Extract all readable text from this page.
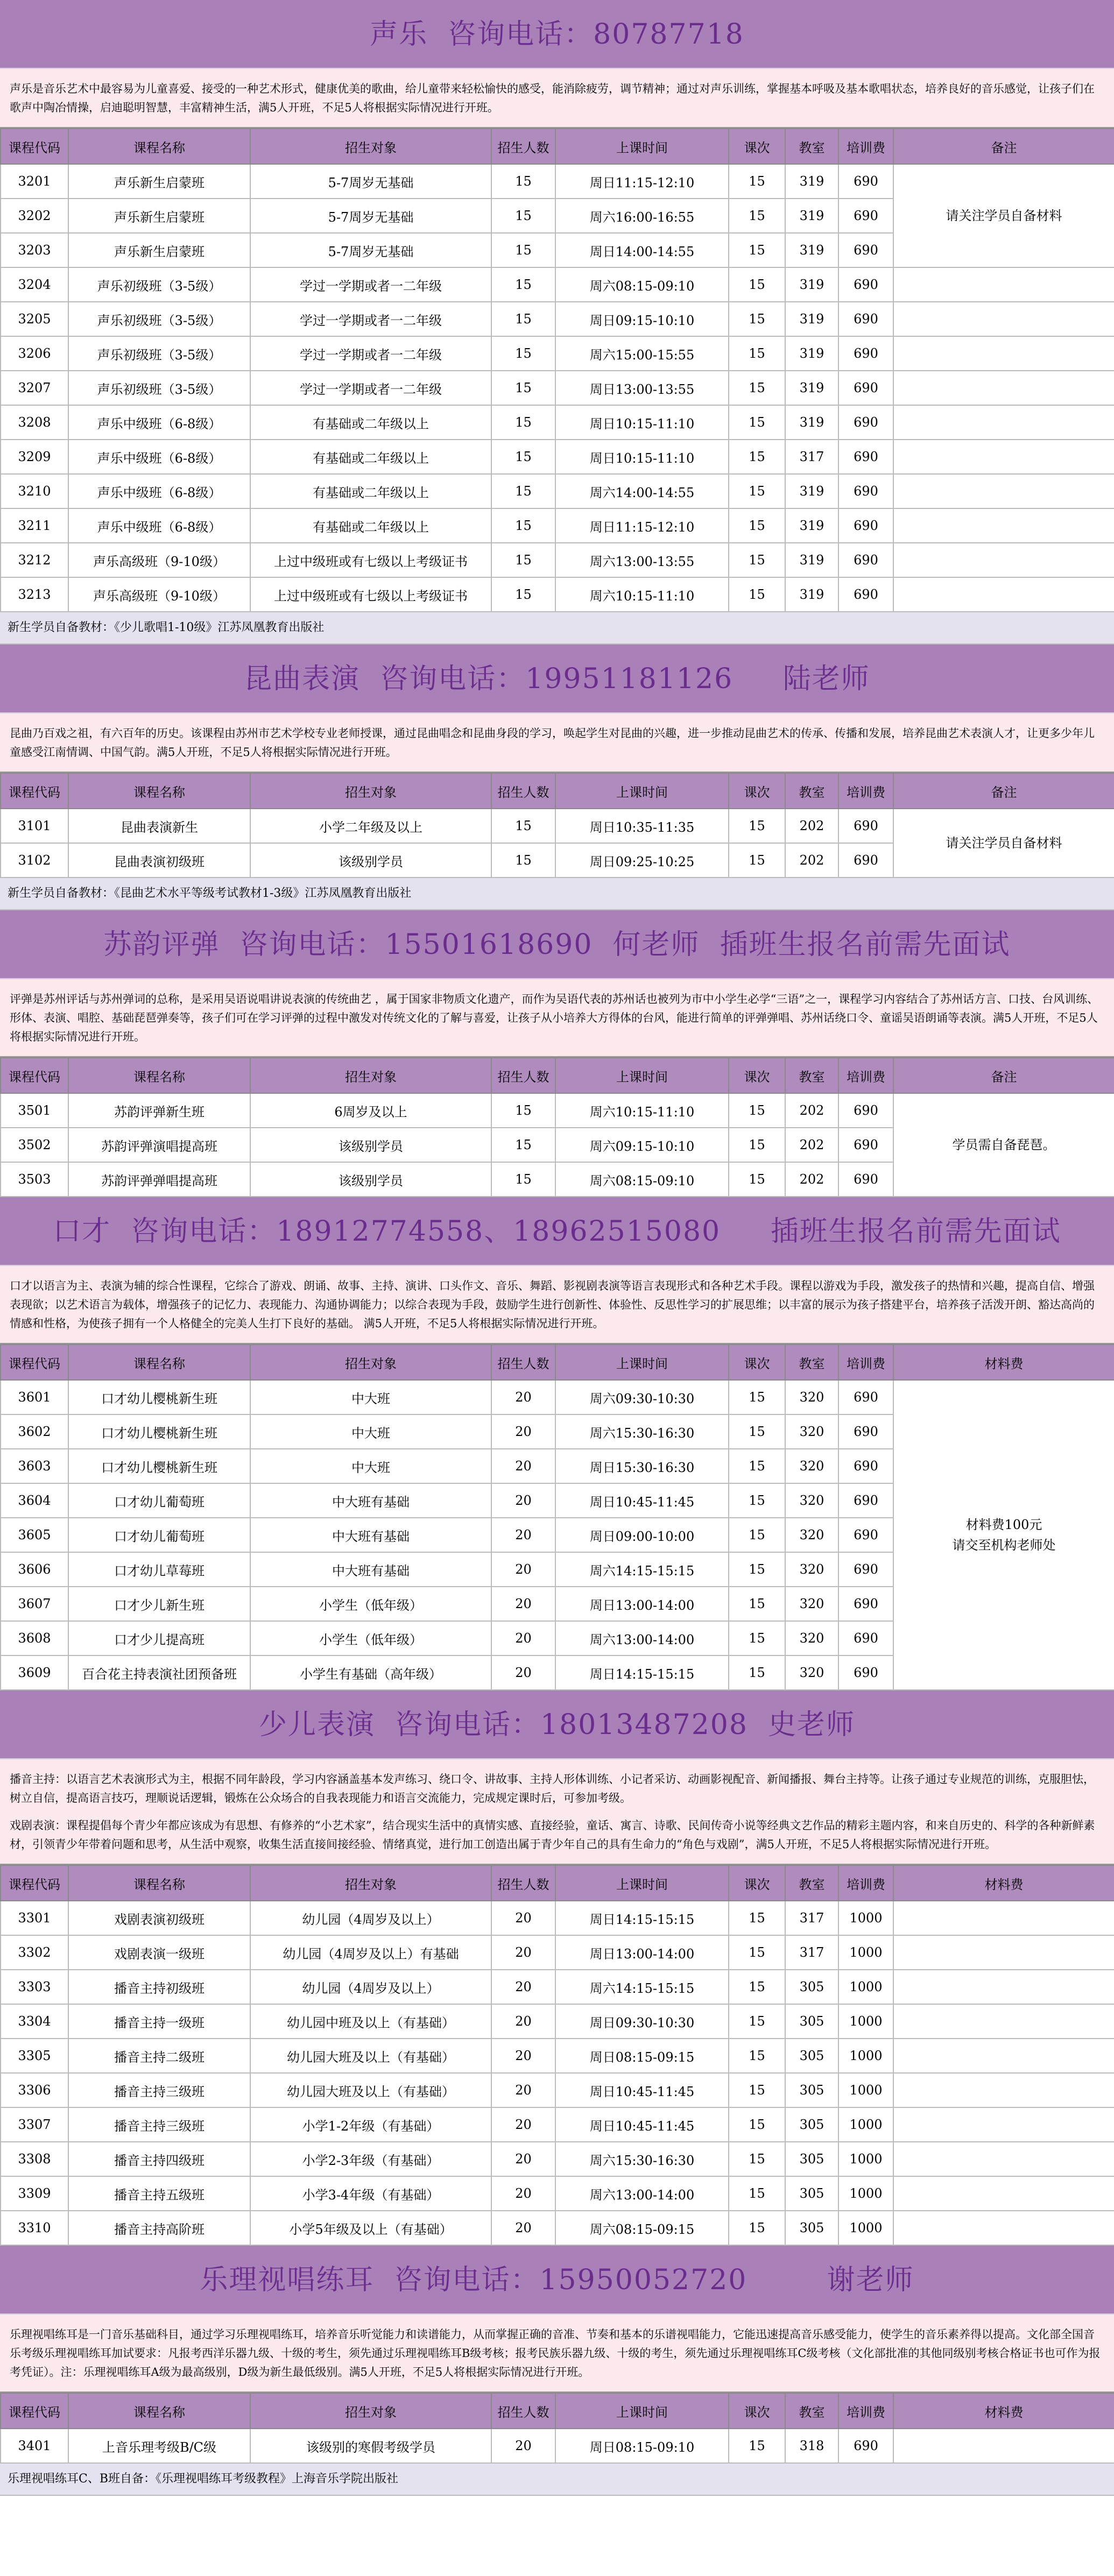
声乐  咨询电话：80787718

声乐是音乐艺术中最容易为儿童喜爱、接受的一种艺术形式，健康优美的歌曲，给儿童带来轻松愉快的感受，能消除疲劳，调节精神；通过对声乐训练，掌握基本呼吸及基本歌唱状态，培养良好的音乐感觉，让孩子们在歌声中陶冶情操，启迪聪明智慧，丰富精神生活，满5人开班，不足5人将根据实际情况进行开班。

课程代码	课程名称	招生对象	招生人数	上课时间	课次	教室	培训费	备注
3201	声乐新生启蒙班	5-7周岁无基础	15	周日11:15-12:10	15	319	690	请关注学员自备材料
3202	声乐新生启蒙班	5-7周岁无基础	15	周六16:00-16:55	15	319	690	
3203	声乐新生启蒙班	5-7周岁无基础	15	周日14:00-14:55	15	319	690	
3204	声乐初级班（3-5级）	学过一学期或者一二年级	15	周六08:15-09:10	15	319	690	
3205	声乐初级班（3-5级）	学过一学期或者一二年级	15	周日09:15-10:10	15	319	690	
3206	声乐初级班（3-5级）	学过一学期或者一二年级	15	周六15:00-15:55	15	319	690	
3207	声乐初级班（3-5级）	学过一学期或者一二年级	15	周日13:00-13:55	15	319	690	
3208	声乐中级班（6-8级）	有基础或二年级以上	15	周日10:15-11:10	15	319	690	
3209	声乐中级班（6-8级）	有基础或二年级以上	15	周日10:15-11:10	15	317	690	
3210	声乐中级班（6-8级）	有基础或二年级以上	15	周六14:00-14:55	15	319	690	
3211	声乐中级班（6-8级）	有基础或二年级以上	15	周日11:15-12:10	15	319	690	
3212	声乐高级班（9-10级）	上过中级班或有七级以上考级证书	15	周六13:00-13:55	15	319	690	
3213	声乐高级班（9-10级）	上过中级班或有七级以上考级证书	15	周六10:15-11:10	15	319	690	
新生学员自备教材：《少儿歌唱1-10级》江苏凤凰教育出版社
昆曲表演  咨询电话：19951181126     陆老师

昆曲乃百戏之祖，有六百年的历史。该课程由苏州市艺术学校专业老师授课，通过昆曲唱念和昆曲身段的学习，唤起学生对昆曲的兴趣，进一步推动昆曲艺术的传承、传播和发展，培养昆曲艺术表演人才，让更多少年儿童感受江南情调、中国气韵。满5人开班，不足5人将根据实际情况进行开班。

课程代码	课程名称	招生对象	招生人数	上课时间	课次	教室	培训费	备注
3101	昆曲表演新生	小学二年级及以上	15	周日10:35-11:35	15	202	690	请关注学员自备材料
3102	昆曲表演初级班	该级别学员	15	周日09:25-10:25	15	202	690	
新生学员自备教材：《昆曲艺术水平等级考试教材1-3级》江苏凤凰教育出版社
苏韵评弹  咨询电话：15501618690  何老师  插班生报名前需先面试

评弹是苏州评话与苏州弹词的总称，是采用吴语说唱讲说表演的传统曲艺 ，属于国家非物质文化遗产，而作为吴语代表的苏州话也被列为市中小学生必学“三语”之一，课程学习内容结合了苏州话方言、口技、台风训练、形体、表演、唱腔、基础琵琶弹奏等，孩子们可在学习评弹的过程中激发对传统文化的了解与喜爱，让孩子从小培养大方得体的台风，能进行简单的评弹弹唱、苏州话绕口令、童谣吴语朗诵等表演。满5人开班，不足5人将根据实际情况进行开班。

课程代码	课程名称	招生对象	招生人数	上课时间	课次	教室	培训费	备注
3501	苏韵评弹新生班	6周岁及以上	15	周六10:15-11:10	15	202	690	学员需自备琵琶。
3502	苏韵评弹演唱提高班	该级别学员	15	周六09:15-10:10	15	202	690	
3503	苏韵评弹弹唱提高班	该级别学员	15	周六08:15-09:10	15	202	690	
口才  咨询电话：18912774558、18962515080     插班生报名前需先面试

口才以语言为主、表演为辅的综合性课程，它综合了游戏、朗诵、故事、主持、演讲、口头作文、音乐、舞蹈、影视剧表演等语言表现形式和各种艺术手段。课程以游戏为手段，激发孩子的热情和兴趣，提高自信、增强表现欲；以艺术语言为载体，增强孩子的记忆力、表现能力、沟通协调能力；以综合表现为手段，鼓励学生进行创新性、体验性、反思性学习的扩展思维；以丰富的展示为孩子搭建平台，培养孩子活泼开朗、豁达高尚的情感和性格，为使孩子拥有一个人格健全的完美人生打下良好的基础。 满5人开班，不足5人将根据实际情况进行开班。

课程代码	课程名称	招生对象	招生人数	上课时间	课次	教室	培训费	材料费
3601	口才幼儿樱桃新生班	中大班	20	周六09:30-10:30	15	320	690	材料费100元
请交至机构老师处
3602	口才幼儿樱桃新生班	中大班	20	周六15:30-16:30	15	320	690	
3603	口才幼儿樱桃新生班	中大班	20	周日15:30-16:30	15	320	690	
3604	口才幼儿葡萄班	中大班有基础	20	周日10:45-11:45	15	320	690	
3605	口才幼儿葡萄班	中大班有基础	20	周日09:00-10:00	15	320	690	
3606	口才幼儿草莓班	中大班有基础	20	周六14:15-15:15	15	320	690	
3607	口才少儿新生班	小学生（低年级）	20	周日13:00-14:00	15	320	690	
3608	口才少儿提高班	小学生（低年级）	20	周六13:00-14:00	15	320	690	
3609	百合花主持表演社团预备班	小学生有基础（高年级）	20	周日14:15-15:15	15	320	690	
少儿表演  咨询电话：18013487208  史老师

播音主持：以语言艺术表演形式为主，根据不同年龄段，学习内容涵盖基本发声练习、绕口令、讲故事、主持人形体训练、小记者采访、动画影视配音、新闻播报、舞台主持等。让孩子通过专业规范的训练，克服胆怯，树立自信，提高语言技巧，理顺说话逻辑，锻炼在公众场合的自我表现能力和语言交流能力，完成规定课时后，可参加考级。

戏剧表演：课程提倡每个青少年都应该成为有思想、有修养的“小艺术家”，结合现实生活中的真情实感、直接经验，童话、寓言、诗歌、民间传奇小说等经典文艺作品的精彩主题内容，和来自历史的、科学的各种新鲜素材，引领青少年带着问题和思考，从生活中观察，收集生活直接间接经验、情绪真觉，进行加工创造出属于青少年自己的具有生命力的“角色与戏剧”，满5人开班，不足5人将根据实际情况进行开班。

课程代码	课程名称	招生对象	招生人数	上课时间	课次	教室	培训费	材料费
3301	戏剧表演初级班	幼儿园（4周岁及以上）	20	周日14:15-15:15	15	317	1000	
3302	戏剧表演一级班	幼儿园（4周岁及以上）有基础	20	周日13:00-14:00	15	317	1000	
3303	播音主持初级班	幼儿园（4周岁及以上）	20	周六14:15-15:15	15	305	1000	
3304	播音主持一级班	幼儿园中班及以上（有基础）	20	周日09:30-10:30	15	305	1000	
3305	播音主持二级班	幼儿园大班及以上（有基础）	20	周日08:15-09:15	15	305	1000	
3306	播音主持三级班	幼儿园大班及以上（有基础）	20	周日10:45-11:45	15	305	1000	
3307	播音主持三级班	小学1-2年级（有基础）	20	周日10:45-11:45	15	305	1000	
3308	播音主持四级班	小学2-3年级（有基础）	20	周六15:30-16:30	15	305	1000	
3309	播音主持五级班	小学3-4年级（有基础）	20	周六13:00-14:00	15	305	1000	
3310	播音主持高阶班	小学5年级及以上（有基础）	20	周六08:15-09:15	15	305	1000	
乐理视唱练耳  咨询电话：15950052720        谢老师

乐理视唱练耳是一门音乐基础科目，通过学习乐理视唱练耳，培养音乐听觉能力和读谱能力，从而掌握正确的音准、节奏和基本的乐谱视唱能力，它能迅速提高音乐感受能力，使学生的音乐素养得以提高。文化部全国音乐考级乐理视唱练耳加试要求：凡报考西洋乐器九级、十级的考生，须先通过乐理视唱练耳B级考核；报考民族乐器九级、十级的考生，须先通过乐理视唱练耳C级考核（文化部批准的其他同级别考核合格证书也可作为报考凭证）。注：乐理视唱练耳A级为最高级别，D级为新生最低级别。满5人开班，不足5人将根据实际情况进行开班。

课程代码	课程名称	招生对象	招生人数	上课时间	课次	教室	培训费	材料费
3401	上音乐理考级B/C级	该级别的寒假考级学员	20	周日08:15-09:10	15	318	690	
乐理视唱练耳C、B班自备：《乐理视唱练耳考级教程》上海音乐学院出版社
